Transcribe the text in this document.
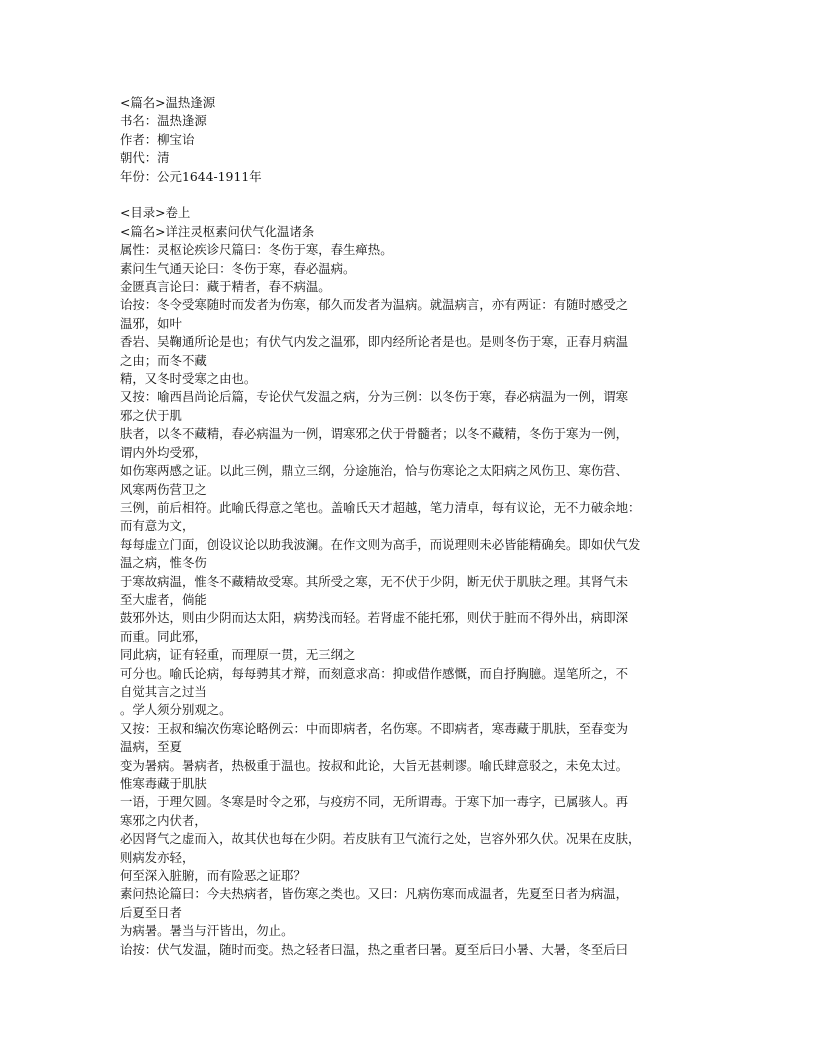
<篇名>温热逢源

书名：温热逢源

作者：柳宝诒

朝代：清

年份：公元1644-1911年

<目录>卷上

<篇名>详注灵枢素问伏气化温诸条

属性：灵枢论疾诊尺篇曰：冬伤于寒，春生瘅热。

素问生气通天论曰：冬伤于寒，春必温病。

金匮真言论曰：藏于精者，春不病温。

诒按：冬令受寒随时而发者为伤寒，郁久而发者为温病。就温病言，亦有两证：有随时感受之

温邪，如叶

香岩、吴鞠通所论是也；有伏气内发之温邪，即内经所论者是也。是则冬伤于寒，正春月病温

之由；而冬不藏

精，又冬时受寒之由也。

又按：喻西昌尚论后篇，专论伏气发温之病，分为三例：以冬伤于寒，春必病温为一例，谓寒

邪之伏于肌

肤者，以冬不藏精，春必病温为一例，谓寒邪之伏于骨髓者；以冬不藏精，冬伤于寒为一例，

谓内外均受邪，

如伤寒两感之证。以此三例，鼎立三纲，分途施治，恰与伤寒论之太阳病之风伤卫、寒伤营、

风寒两伤营卫之

三例，前后相符。此喻氏得意之笔也。盖喻氏天才超越，笔力清卓，每有议论，无不力破余地：

而有意为文，

每每虚立门面，创设议论以助我波澜。在作文则为高手，而说理则未必皆能精确矣。即如伏气发

温之病，惟冬伤

于寒故病温，惟冬不藏精故受寒。其所受之寒，无不伏于少阴，断无伏于肌肤之理。其肾气未

至大虚者，倘能

鼓邪外达，则由少阴而达太阳，病势浅而轻。若肾虚不能托邪，则伏于脏而不得外出，病即深

而重。同此邪，

同此病，证有轻重，而理原一贯，无三纲之

可分也。喻氏论病，每每骋其才辩，而刻意求高：抑或借作感慨，而自抒胸臆。逞笔所之，不

自觉其言之过当

。学人须分别观之。

又按：王叔和编次伤寒论略例云：中而即病者，名伤寒。不即病者，寒毒藏于肌肤，至春变为

温病，至夏

变为暑病。暑病者，热极重于温也。按叔和此论，大旨无甚刺谬。喻氏肆意驳之，未免太过。

惟寒毒藏于肌肤

一语，于理欠圆。冬寒是时令之邪，与疫疠不同，无所谓毒。于寒下加一毒字，已属骇人。再

寒邪之内伏者，

必因肾气之虚而入，故其伏也每在少阴。若皮肤有卫气流行之处，岂容外邪久伏。况果在皮肤，

则病发亦轻，

何至深入脏腑，而有险恶之证耶？

素问热论篇曰：今夫热病者，皆伤寒之类也。又曰：凡病伤寒而成温者，先夏至日者为病温，

后夏至日者

为病暑。暑当与汗皆出，勿止。

诒按：伏气发温，随时而变。热之轻者曰温，热之重者曰暑。夏至后曰小暑、大暑，冬至后曰
